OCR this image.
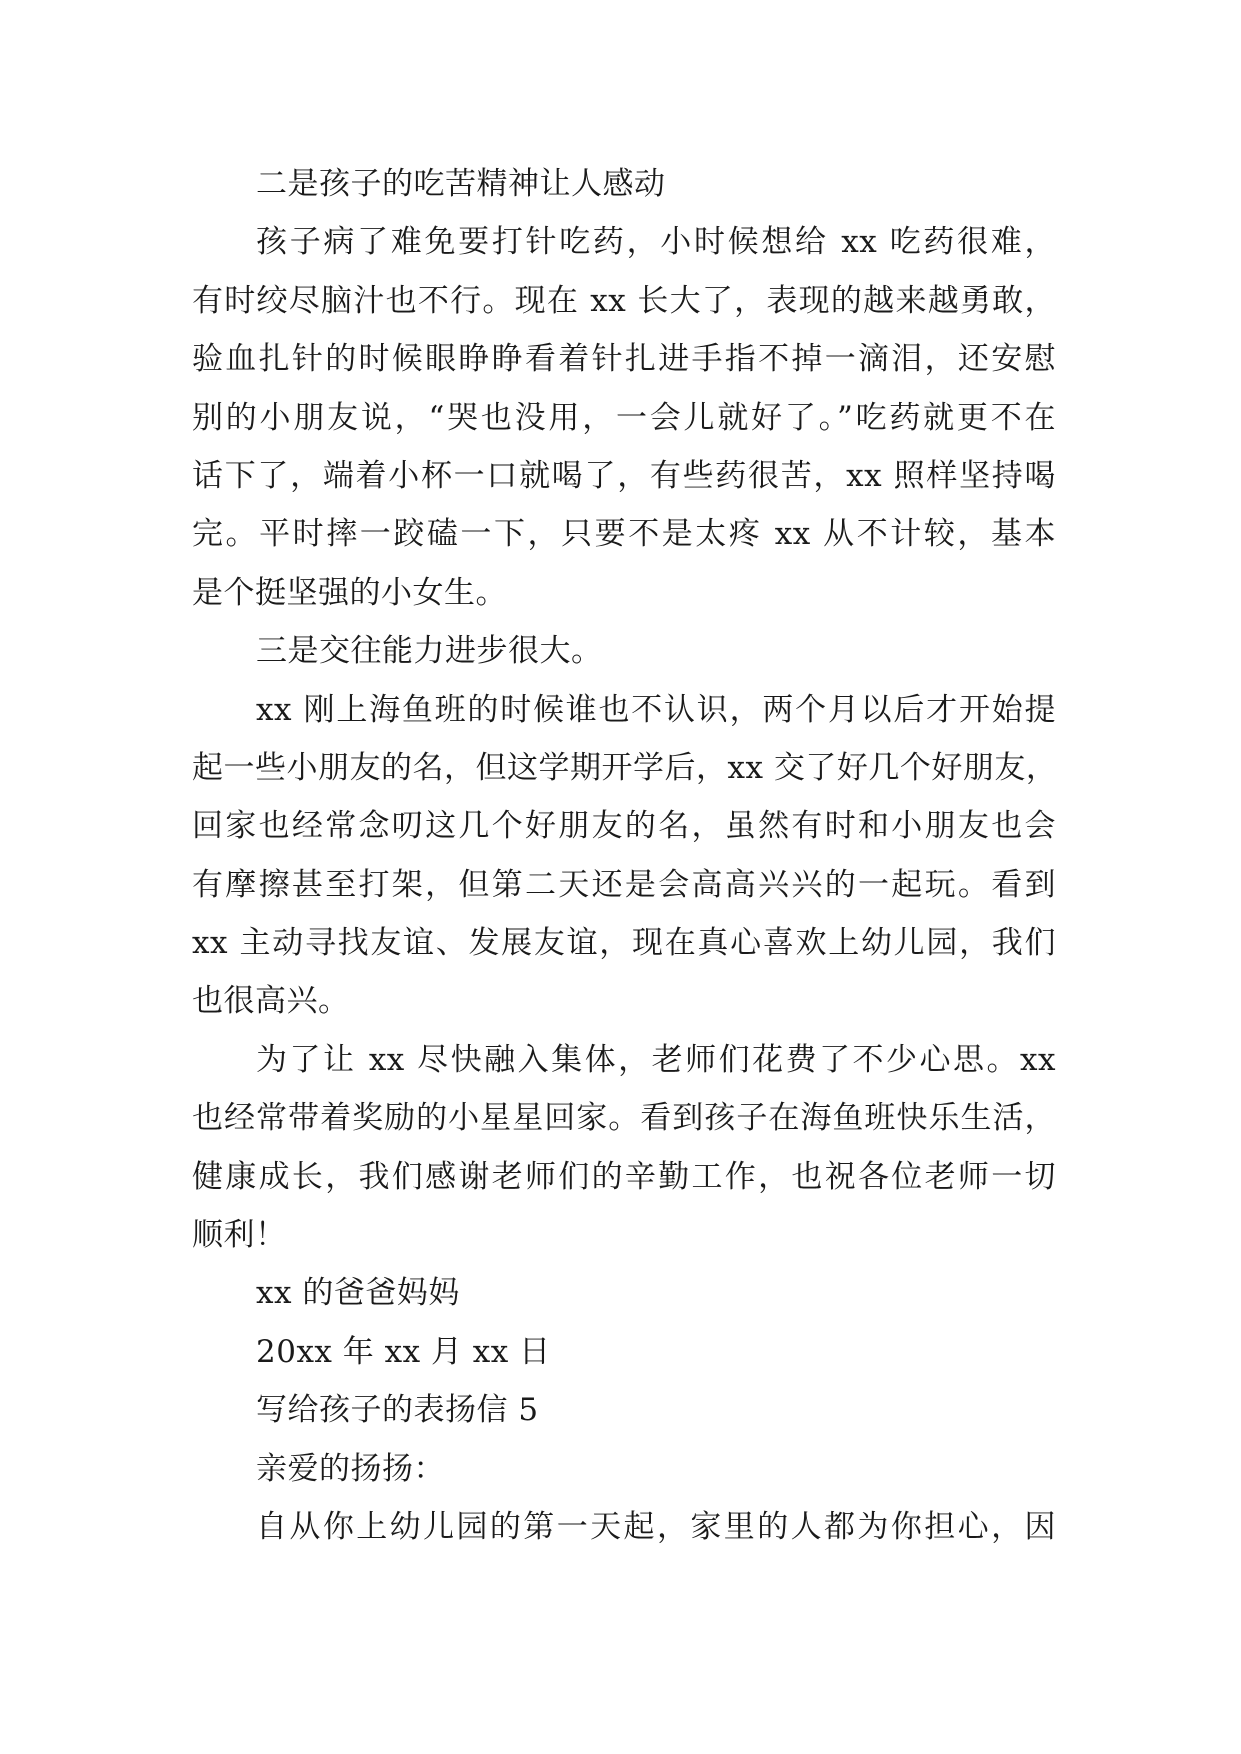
二是孩子的吃苦精神让人感动
孩子病了难免要打针吃药，小时候想给 xx 吃药很难，
有时绞尽脑汁也不行。现在 xx 长大了，表现的越来越勇敢，
验血扎针的时候眼睁睁看着针扎进手指不掉一滴泪，还安慰
别的小朋友说，“哭也没用，一会儿就好了。”吃药就更不在
话下了，端着小杯一口就喝了，有些药很苦，xx 照样坚持喝
完。平时摔一跤磕一下，只要不是太疼 xx 从不计较，基本
是个挺坚强的小女生。
三是交往能力进步很大。
xx 刚上海鱼班的时候谁也不认识，两个月以后才开始提
起一些小朋友的名，但这学期开学后，xx 交了好几个好朋友，
回家也经常念叨这几个好朋友的名，虽然有时和小朋友也会
有摩擦甚至打架，但第二天还是会高高兴兴的一起玩。看到
xx 主动寻找友谊、发展友谊，现在真心喜欢上幼儿园，我们
也很高兴。
为了让 xx 尽快融入集体，老师们花费了不少心思。xx
也经常带着奖励的小星星回家。看到孩子在海鱼班快乐生活，
健康成长，我们感谢老师们的辛勤工作，也祝各位老师一切
顺利！
xx 的爸爸妈妈
20xx 年 xx 月 xx 日
写给孩子的表扬信 5
亲爱的扬扬：
自从你上幼儿园的第一天起，家里的人都为你担心，因
